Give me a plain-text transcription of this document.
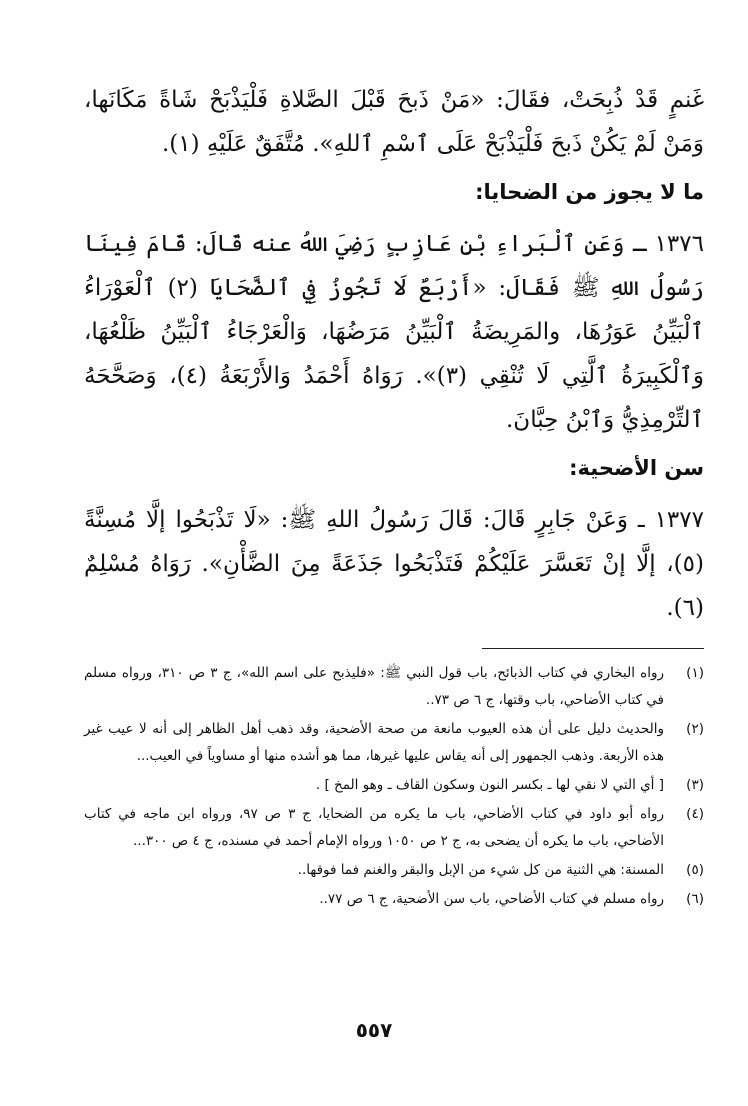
غَنمٍ قَدْ ذُبِحَتْ، فقَالَ: «مَنْ ذَبحَ قَبْلَ الصَّلاةِ فَلْيَذْبَحْ شَاةً مَكَانَها، وَمَنْ لَمْ يَكُنْ ذَبحَ فَلْيَذْبَحْ عَلَى ٱسْمِ ٱللهِ». مُتَّفَقٌ عَلَيْهِ (١).

ما لا يجوز من الضحايا:

١٣٧٦ ـ وَعَنِ ٱلْبَراءِ بْنِ عَازِبٍ رَضِيَ اللهُ عنه قَالَ: قَامَ فِينَا رَسُولُ اللهِ ﷺ فَقَالَ: «أَرْبَعٌ لَا تَجُوزُ فِي ٱلضَّحَايَا (٢) ٱلْعَوْرَاءُ ٱلْبَيِّنُ عَوَرُهَا، والمَرِيضَةُ ٱلْبَيِّنُ مَرَضُهَا، وَالْعَرْجَاءُ ٱلْبَيِّنُ ظَلْعُهَا، وَٱلْكَبِيرَةُ ٱلَّتِي لَا تُنْقِي (٣)». رَوَاهُ أَحْمَدُ وَالأَرْبَعَةُ (٤)، وَصَحَّحَهُ ٱلتِّرْمِذِيُّ وَٱبْنُ حِبَّانَ.

سن الأضحية:

١٣٧٧ ـ وَعَنْ جَابِرٍ قَالَ: قَالَ رَسُولُ اللهِ ﷺ: «لَا تَذْبَحُوا إلَّا مُسِنَّةً (٥)، إلَّا إنْ تَعَسَّرَ عَلَيْكُمْ فَتَذْبَحُوا جَذَعَةً مِنَ الضَّأْنِ». رَوَاهُ مُسْلِمٌ (٦).

(١)
رواه البخاري في كتاب الذبائح، باب قول النبي ﷺ: «فليذبح على اسم الله»، ج ٣ ص ٣١٠، ورواه مسلم في كتاب الأضاحي، باب وقتها، ج ٦ ص ٧٣..
(٢)
والحديث دليل على أن هذه العيوب مانعة من صحة الأضحية، وقد ذهب أهل الظاهر إلى أنه لا عيب غير هذه الأربعة. وذهب الجمهور إلى أنه يقاس عليها غيرها، مما هو أشده منها أو مساوياً في العيب...
(٣)
[ أي التي لا نقي لها ـ بكسر النون وسكون القاف ـ وهو المخ ] .
(٤)
رواه أبو داود في كتاب الأضاحي، باب ما يكره من الضحايا، ج ٣ ص ٩٧، ورواه ابن ماجه في كتاب الأضاحي، باب ما يكره أن يضحى به، ج ٢ ص ١٠٥٠ ورواه الإمام أحمد في مسنده، ج ٤ ص ٣٠٠...
(٥)
المسنة: هي الثنية من كل شيء من الإبل والبقر والغنم فما فوقها..
(٦)
رواه مسلم في كتاب الأضاحي، باب سن الأضحية، ج ٦ ص ٧٧..
٥٥٧
